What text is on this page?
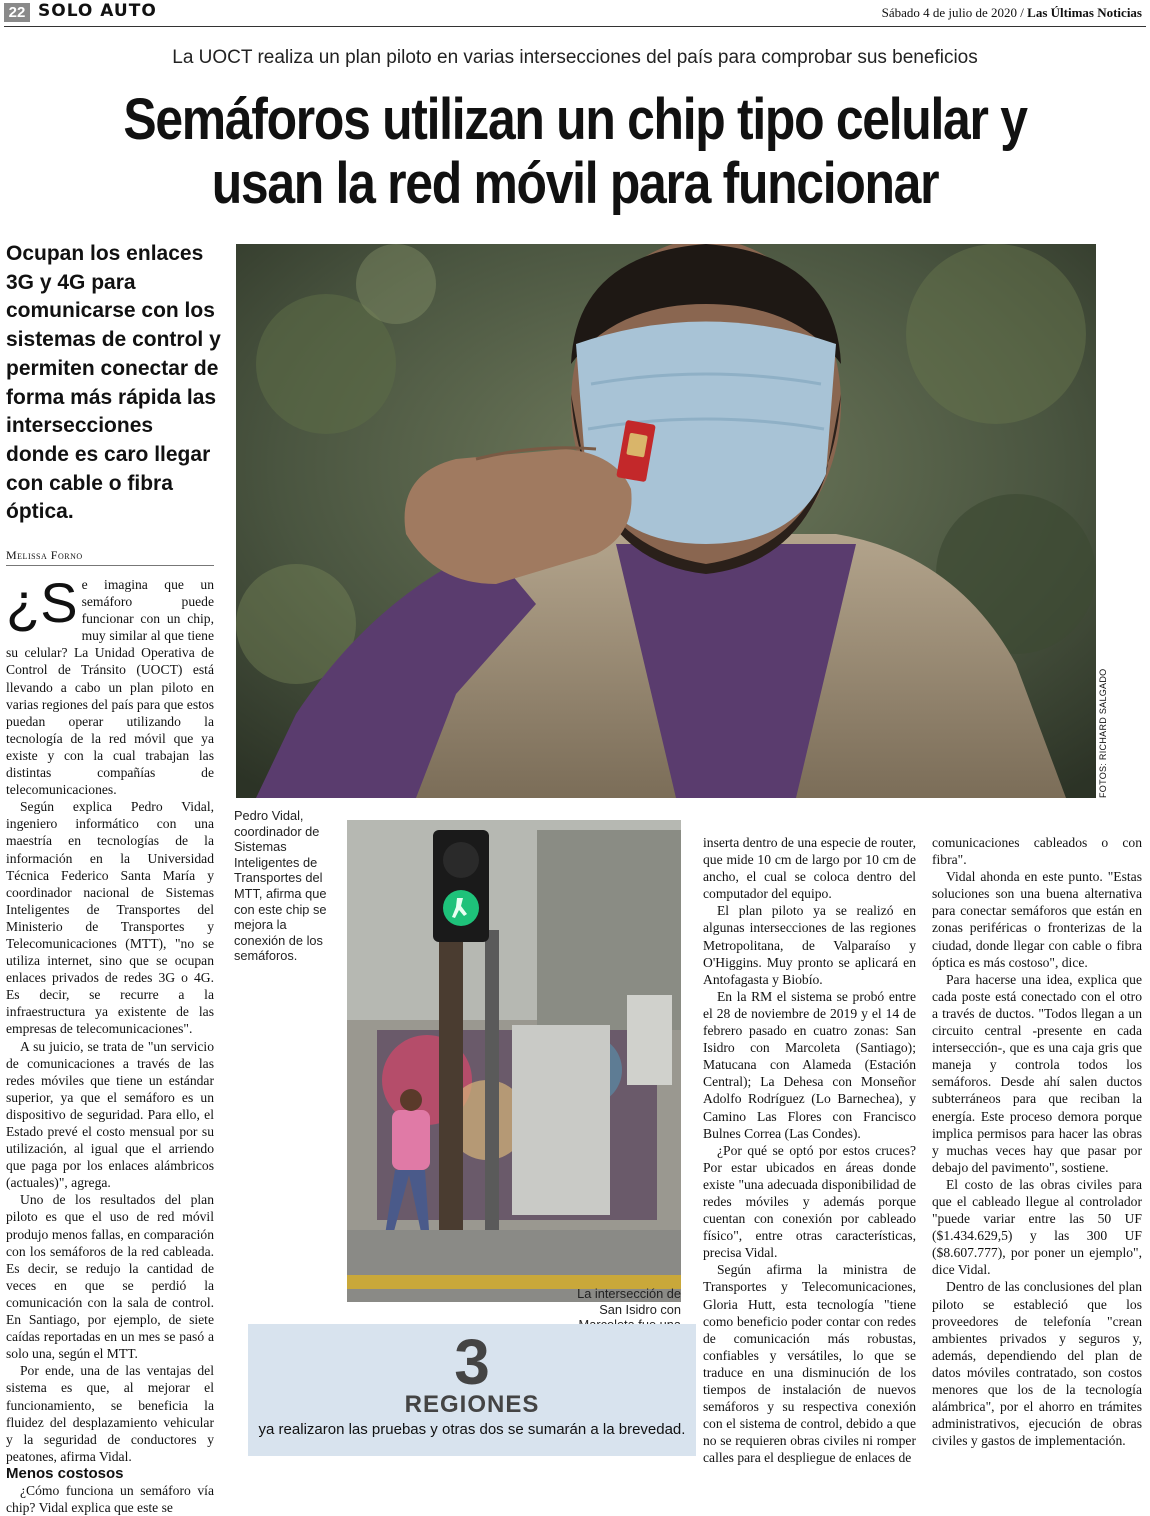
22 SOLO AUTO	Sábado 4 de julio de 2020 / Las Últimas Noticias
La UOCT realiza un plan piloto en varias intersecciones del país para comprobar sus beneficios
Semáforos utilizan un chip tipo celular y usan la red móvil para funcionar
Ocupan los enlaces 3G y 4G para comunicarse con los sistemas de control y permiten conectar de forma más rápida las intersecciones donde es caro llegar con cable o fibra óptica.
Melissa Forno
FOTOS: RICHARD SALGADO
Pedro Vidal, coordinador de Sistemas Inteligentes de Transportes del MTT, afirma que con este chip se mejora la conexión de los semáforos.
La intersección de San Isidro con
3
REGIONES
ya realizaron las pruebas y otras dos se sumarán a la brevedad.

¿S e imagina que un semáforo puede funcionar con un chip, muy similar al que tiene su celular? La Unidad Operativa de Control de Tránsito (UOCT) está llevando a cabo un plan piloto en varias regiones del país para que estos puedan operar utilizando la tecnología de la red móvil que ya existe y con la cual trabajan las distintas compañías de telecomunicaciones.

Según explica Pedro Vidal, ingeniero informático con una maestría en tecnologías de la información en la Universidad Técnica Federico Santa María y coordinador nacional de Sistemas Inteligentes de Transportes del Ministerio de Transportes y Telecomunicaciones (MTT), "no se utiliza internet, sino que se ocupan enlaces privados de redes 3G o 4G. Es decir, se recurre a la infraestructura ya existente de las empresas de telecomunicaciones".

A su juicio, se trata de "un servicio de comunicaciones a través de las redes móviles que tiene un estándar superior, ya que el semáforo es un dispositivo de seguridad. Para ello, el Estado prevé el costo mensual por su utilización, al igual que el arriendo que paga por los enlaces alámbricos (actuales)", agrega.

Uno de los resultados del plan piloto es que el uso de red móvil produjo menos fallas, en comparación con los semáforos de la red cableada. Es decir, se redujo la cantidad de veces en que se perdió la comunicación con la sala de control. En Santiago, por ejemplo, de siete caídas reportadas en un mes se pasó a solo una, según el MTT.

Por ende, una de las ventajas del sistema es que, al mejorar el funcionamiento, se beneficia la fluidez del desplazamiento vehicular y la seguridad de conductores y peatones, afirma Vidal.

Menos costosos

¿Cómo funciona un semáforo vía chip? Vidal explica que este se

inserta dentro de una especie de router, que mide 10 cm de largo por 10 cm de ancho, el cual se coloca dentro del computador del equipo.

El plan piloto ya se realizó en algunas intersecciones de las regiones Metropolitana, de Valparaíso y O'Higgins. Muy pronto se aplicará en Antofagasta y Biobío.

En la RM el sistema se probó entre el 28 de noviembre de 2019 y el 14 de febrero pasado en cuatro zonas: San Isidro con Marcoleta (Santiago); Matucana con Alameda (Estación Central); La Dehesa con Monseñor Adolfo Rodríguez (Lo Barnechea), y Camino Las Flores con Francisco Bulnes Correa (Las Condes).

¿Por qué se optó por estos cruces? Por estar ubicados en áreas donde existe "una adecuada disponibilidad de redes móviles y además porque cuentan con conexión por cableado físico", entre otras características, precisa Vidal.

Según afirma la ministra de Transportes y Telecomunicaciones, Gloria Hutt, esta tecnología "tiene como beneficio poder contar con redes de comunicación más robustas, confiables y versátiles, lo que se traduce en una disminución de los tiempos de instalación de nuevos semáforos y su respectiva conexión con el sistema de control, debido a que no se requieren obras civiles ni romper calles para el despliegue de enlaces de

comunicaciones cableados o con fibra".

Vidal ahonda en este punto. "Estas soluciones son una buena alternativa para conectar semáforos que están en zonas periféricas o fronterizas de la ciudad, donde llegar con cable o fibra óptica es más costoso", dice.

Para hacerse una idea, explica que cada poste está conectado con el otro a través de ductos. "Todos llegan a un circuito central -presente en cada intersección-, que es una caja gris que maneja y controla todos los semáforos. Desde ahí salen ductos subterráneos para que reciban la energía. Este proceso demora porque implica permisos para hacer las obras y muchas veces hay que pasar por debajo del pavimento", sostiene.

El costo de las obras civiles para que el cableado llegue al controlador "puede variar entre las 50 UF ($1.434.629,5) y las 300 UF ($8.607.777), por poner un ejemplo", dice Vidal.

Dentro de las conclusiones del plan piloto se estableció que los proveedores de telefonía "crean ambientes privados y seguros y, además, dependiendo del plan de datos móviles contratado, son costos menores que los de la tecnología alámbrica", por el ahorro en trámites administrativos, ejecución de obras civiles y gastos de implementación.
